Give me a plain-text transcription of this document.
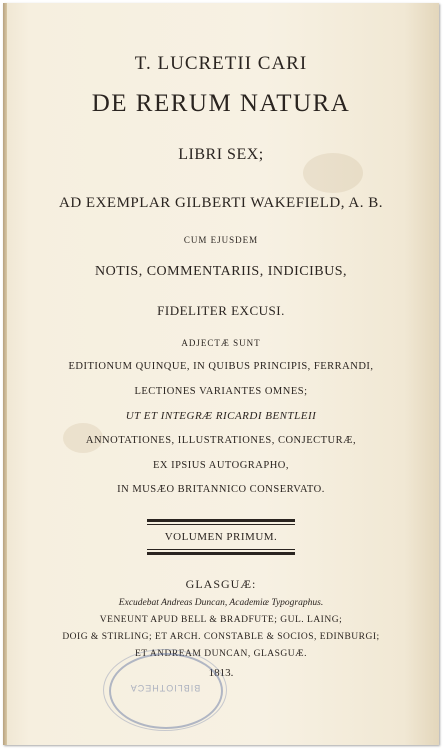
T. LUCRETII CARI
DE RERUM NATURA
LIBRI SEX;
AD EXEMPLAR GILBERTI WAKEFIELD, A. B.
CUM EJUSDEM
NOTIS, COMMENTARIIS, INDICIBUS,
FIDELITER EXCUSI.
ADJECTÆ SUNT
EDITIONUM QUINQUE, IN QUIBUS PRINCIPIS, FERRANDI,
LECTIONES VARIANTES OMNES;
UT ET INTEGRÆ RICARDI BENTLEII
ANNOTATIONES, ILLUSTRATIONES, CONJECTURÆ,
EX IPSIUS AUTOGRAPHO,
IN MUSÆO BRITANNICO CONSERVATO.
VOLUMEN PRIMUM.
GLASGUÆ:
Excudebat Andreas Duncan, Academiæ Typographus.
VENEUNT APUD BELL & BRADFUTE; GUL. LAING;
DOIG & STIRLING; ET ARCH. CONSTABLE & SOCIOS, EDINBURGI;
ET ANDREAM DUNCAN, GLASGUÆ.
1813.
BIBLIOTHECA
